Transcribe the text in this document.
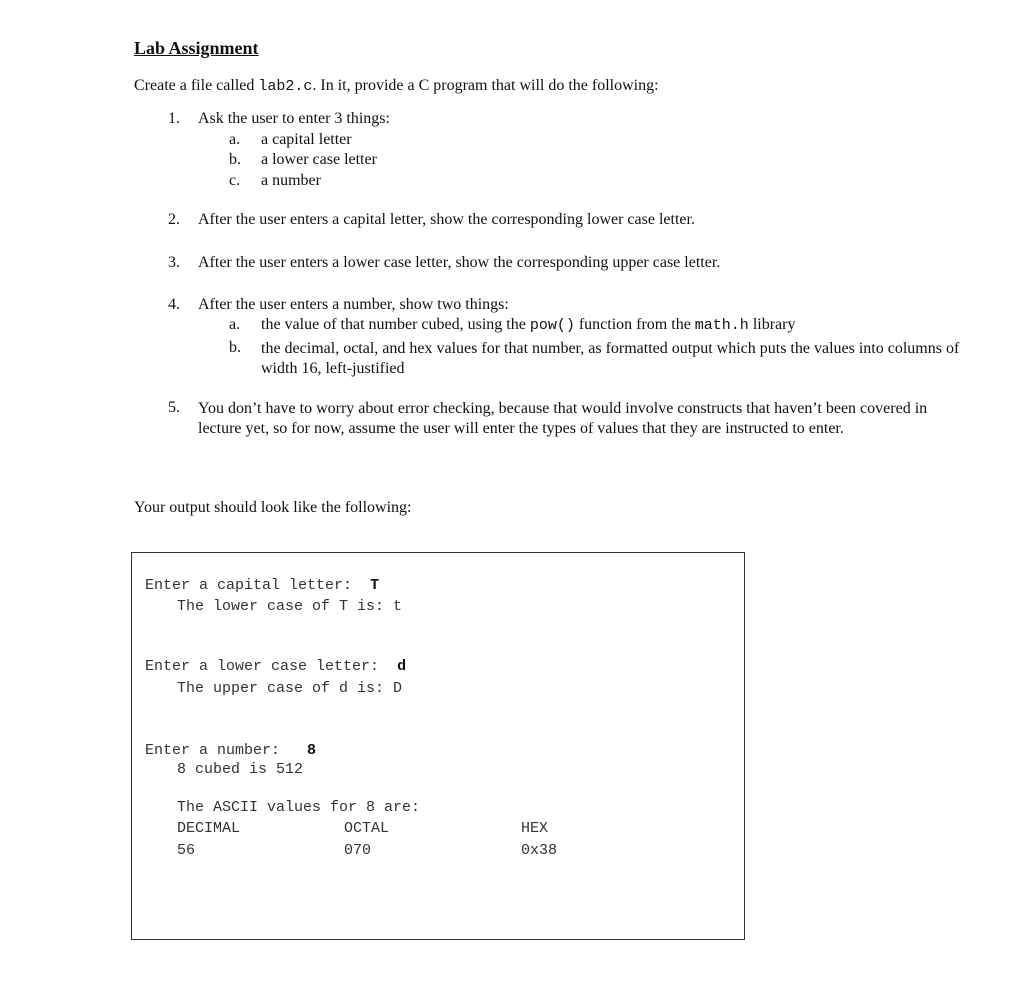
Lab Assignment
Create a file called lab2.c. In it, provide a C program that will do the following:
1. Ask the user to enter 3 things:
a. a capital letter
b. a lower case letter
c. a number
2. After the user enters a capital letter, show the corresponding lower case letter.
3. After the user enters a lower case letter, show the corresponding upper case letter.
4. After the user enters a number, show two things:
a. the value of that number cubed, using the pow() function from the math.h library
b. the decimal, octal, and hex values for that number, as formatted output which puts the values into columns of width 16, left-justified
5. You don’t have to worry about error checking, because that would involve constructs that haven’t been covered in lecture yet, so for now, assume the user will enter the types of values that they are instructed to enter.
Your output should look like the following:
Enter a capital letter: T
The lower case of T is: t
Enter a lower case letter: d
The upper case of d is: D
Enter a number: 8
8 cubed is 512
The ASCII values for 8 are:
DECIMAL	OCTAL	HEX
56	070	0x38
